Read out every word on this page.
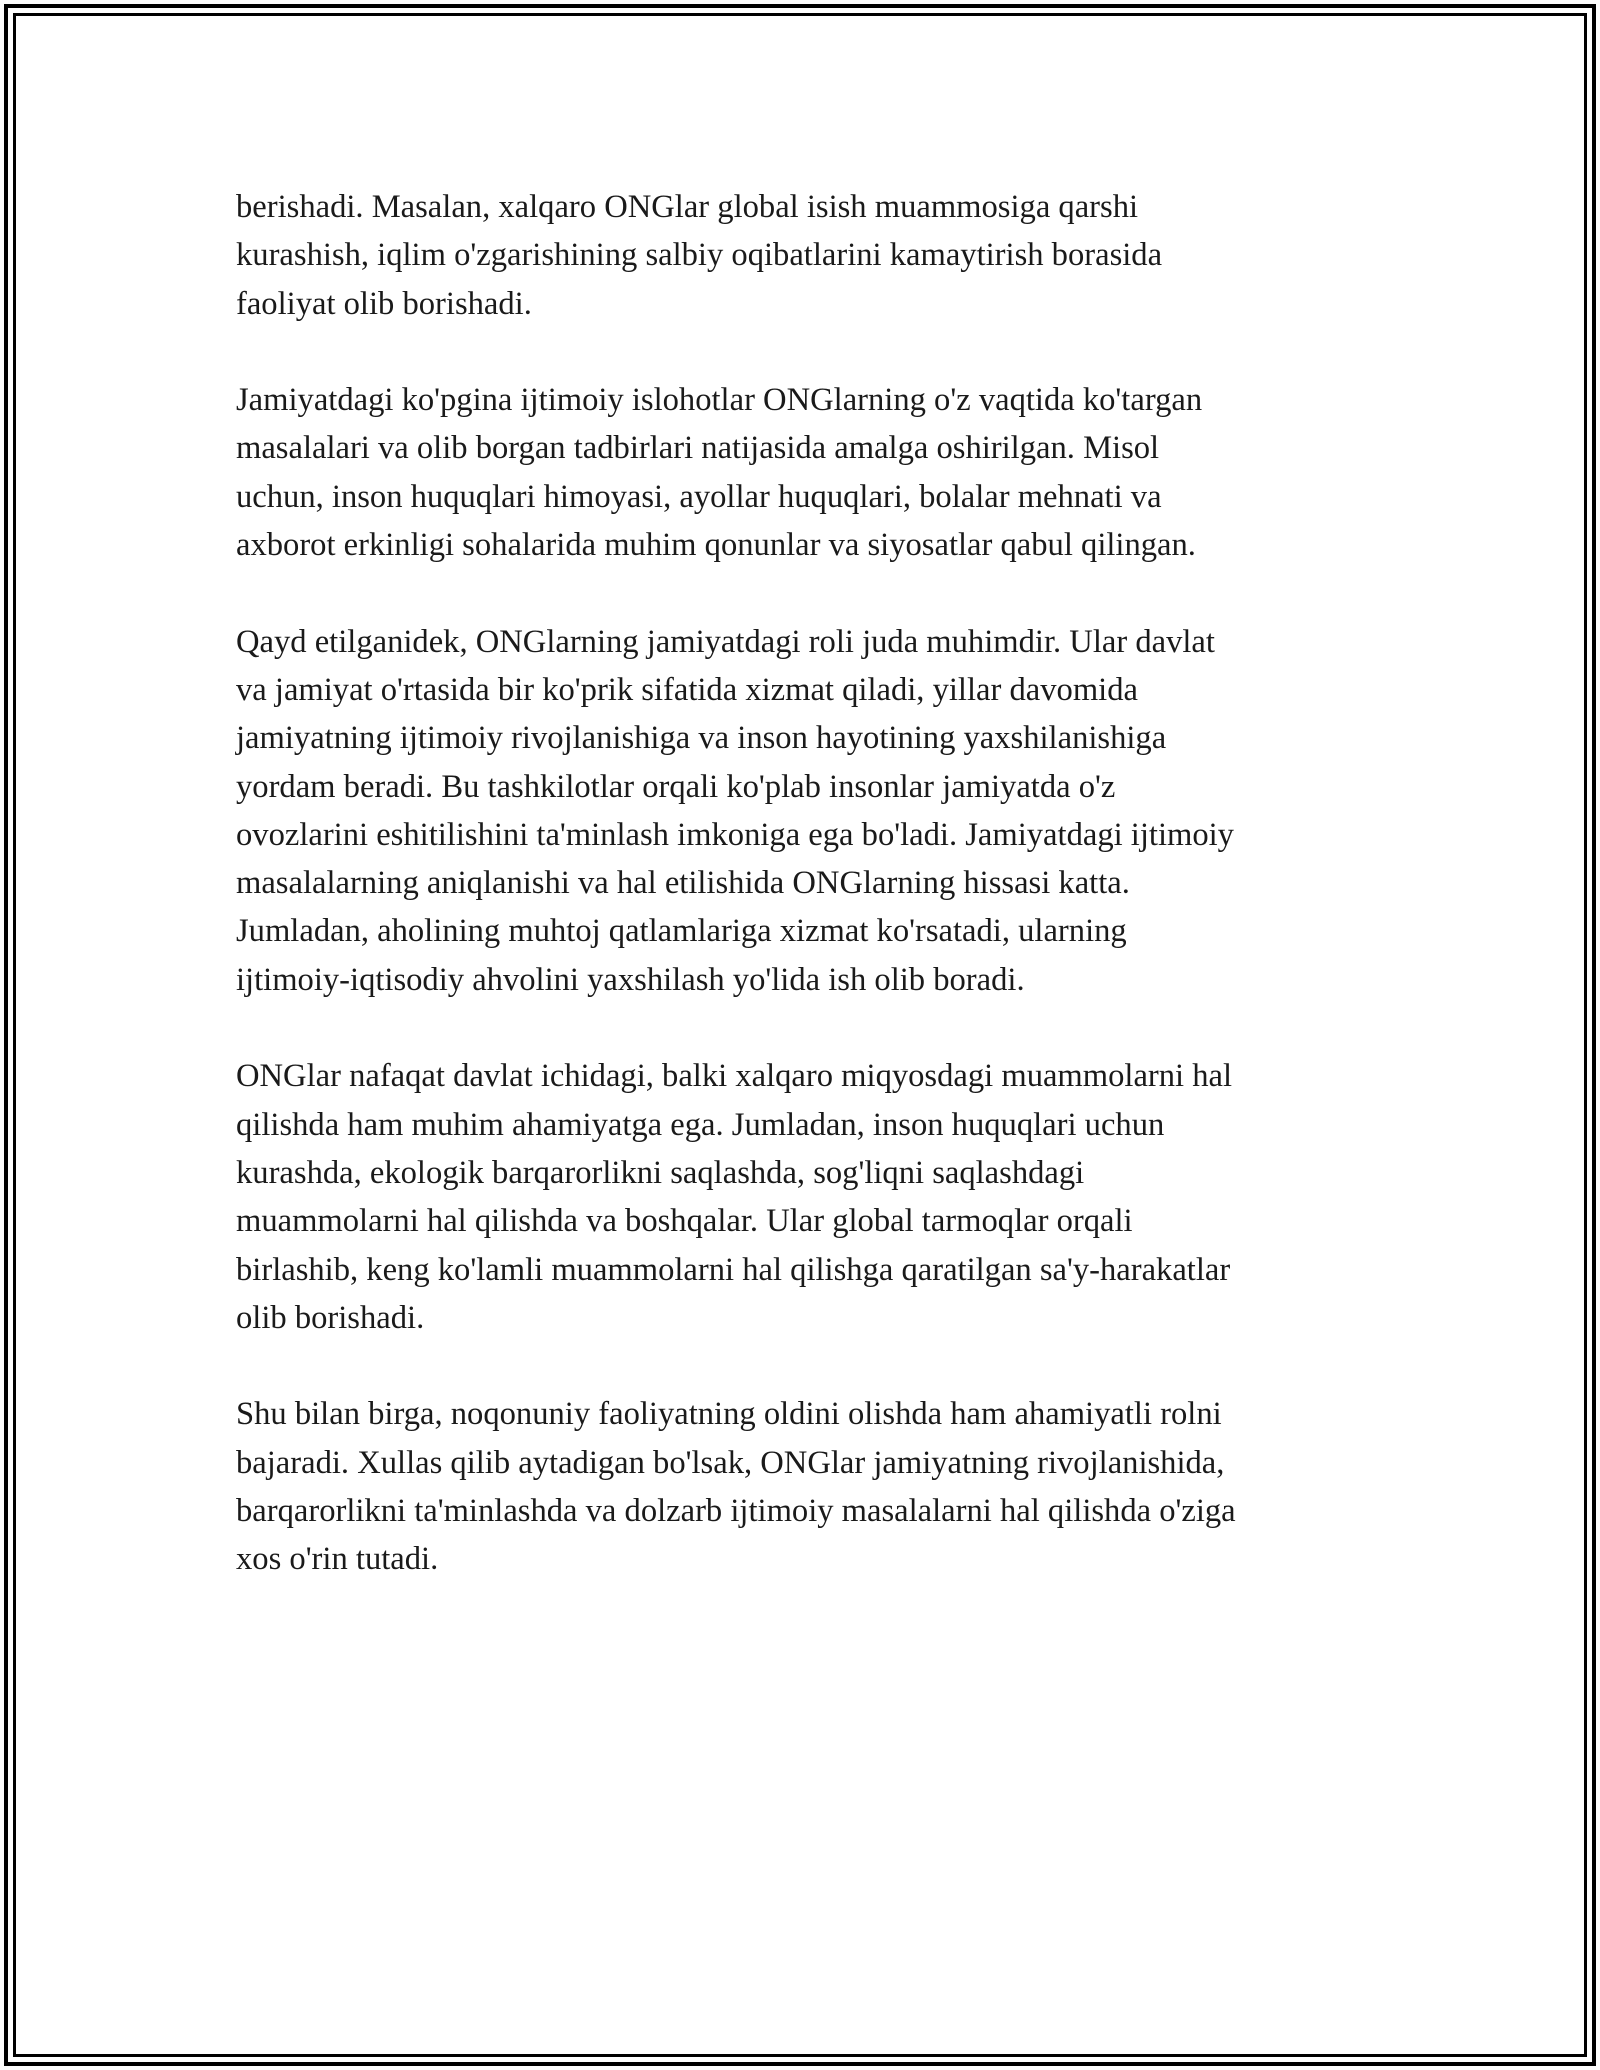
berishadi. Masalan, xalqaro ONGlar global isish muammosiga qarshi
kurashish, iqlim o'zgarishining salbiy oqibatlarini kamaytirish borasida
faoliyat olib borishadi.

Jamiyatdagi ko'pgina ijtimoiy islohotlar ONGlarning o'z vaqtida ko'targan
masalalari va olib borgan tadbirlari natijasida amalga oshirilgan. Misol
uchun, inson huquqlari himoyasi, ayollar huquqlari, bolalar mehnati va
axborot erkinligi sohalarida muhim qonunlar va siyosatlar qabul qilingan.

Qayd etilganidek, ONGlarning jamiyatdagi roli juda muhimdir. Ular davlat
va jamiyat o'rtasida bir ko'prik sifatida xizmat qiladi, yillar davomida
jamiyatning ijtimoiy rivojlanishiga va inson hayotining yaxshilanishiga
yordam beradi. Bu tashkilotlar orqali ko'plab insonlar jamiyatda o'z
ovozlarini eshitilishini ta'minlash imkoniga ega bo'ladi. Jamiyatdagi ijtimoiy
masalalarning aniqlanishi va hal etilishida ONGlarning hissasi katta.
Jumladan, aholining muhtoj qatlamlariga xizmat ko'rsatadi, ularning
ijtimoiy-iqtisodiy ahvolini yaxshilash yo'lida ish olib boradi.

ONGlar nafaqat davlat ichidagi, balki xalqaro miqyosdagi muammolarni hal
qilishda ham muhim ahamiyatga ega. Jumladan, inson huquqlari uchun
kurashda, ekologik barqarorlikni saqlashda, sog'liqni saqlashdagi
muammolarni hal qilishda va boshqalar. Ular global tarmoqlar orqali
birlashib, keng ko'lamli muammolarni hal qilishga qaratilgan sa'y-harakatlar
olib borishadi.

Shu bilan birga, noqonuniy faoliyatning oldini olishda ham ahamiyatli rolni
bajaradi. Xullas qilib aytadigan bo'lsak, ONGlar jamiyatning rivojlanishida,
barqarorlikni ta'minlashda va dolzarb ijtimoiy masalalarni hal qilishda o'ziga
xos o'rin tutadi.
